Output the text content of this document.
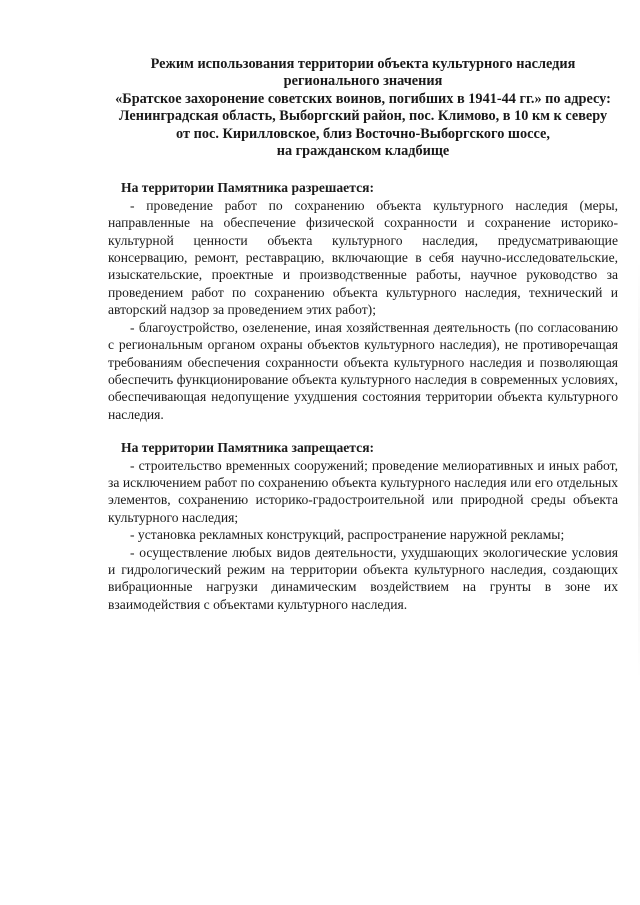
Режим использования территории объекта культурного наследия
регионального значения
«Братское захоронение советских воинов, погибших в 1941-44 гг.» по адресу:
Ленинградская область, Выборгский район, пос. Климово, в 10 км к северу
от пос. Кирилловское, близ Восточно-Выборгского шоссе,
на гражданском кладбище

На территории Памятника разрешается:

- проведение работ по сохранению объекта культурного наследия (меры, направленные на обеспечение физической сохранности и сохранение историко-культурной ценности объекта культурного наследия, предусматривающие консервацию, ремонт, реставрацию, включающие в себя научно-исследовательские, изыскательские, проектные и производственные работы, научное руководство за проведением работ по сохранению объекта культурного наследия, технический и авторский надзор за проведением этих работ);

- благоустройство, озеленение, иная хозяйственная деятельность (по согласованию с региональным органом охраны объектов культурного наследия), не противоречащая требованиям обеспечения сохранности объекта культурного наследия и позволяющая обеспечить функционирование объекта культурного наследия в современных условиях, обеспечивающая недопущение ухудшения состояния территории объекта культурного наследия.

На территории Памятника запрещается:

- строительство временных сооружений; проведение мелиоративных и иных работ, за исключением работ по сохранению объекта культурного наследия или его отдельных элементов, сохранению историко-градостроительной или природной среды объекта культурного наследия;

- установка рекламных конструкций, распространение наружной рекламы;

- осуществление любых видов деятельности, ухудшающих экологические условия и гидрологический режим на территории объекта культурного наследия, создающих вибрационные нагрузки динамическим воздействием на грунты в зоне их взаимодействия с объектами культурного наследия.
